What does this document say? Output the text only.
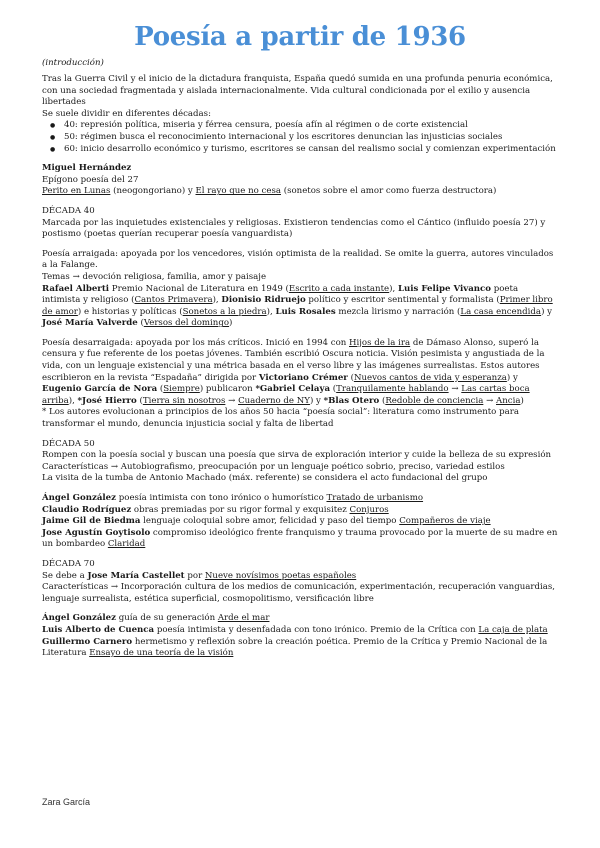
Poesía a partir de 1936

(introducción)

Tras la Guerra Civil y el inicio de la dictadura franquista, España quedó sumida en una profunda penuria económica, con una sociedad fragmentada y aislada internacionalmente. Vida cultural condicionada por el exilio y ausencia libertades

Se suele dividir en diferentes décadas:

● 40: represión política, miseria y férrea censura, poesía afín al régimen o de corte existencial
● 50: régimen busca el reconocimiento internacional y los escritores denuncian las injusticias sociales
● 60: inicio desarrollo económico y turismo, escritores se cansan del realismo social y comienzan experimentación

Miguel Hernández

Epígono poesía del 27

Perito en Lunas (neogongoriano) y El rayo que no cesa (sonetos sobre el amor como fuerza destructora)

DÉCADA 40

Marcada por las inquietudes existenciales y religiosas. Existieron tendencias como el Cántico (influido poesía 27) y postismo (poetas querían recuperar poesía vanguardista)

Poesía arraigada: apoyada por los vencedores, visión optimista de la realidad. Se omite la guerra, autores vinculados a la Falange.

Temas → devoción religiosa, familia, amor y paisaje

Rafael Alberti Premio Nacional de Literatura en 1949 (Escrito a cada instante), Luis Felipe Vivanco poeta intimista y religioso (Cantos Primavera), Dionisio Ridruejo político y escritor sentimental y formalista (Primer libro de amor) e historias y políticas (Sonetos a la piedra), Luis Rosales mezcla lirismo y narración (La casa encendida) y José María Valverde (Versos del domingo)

Poesía desarraigada: apoyada por los más críticos. Inició en 1994 con Hijos de la ira de Dámaso Alonso, superó la censura y fue referente de los poetas jóvenes. También escribió Oscura noticia. Visión pesimista y angustiada de la vida, con un lenguaje existencial y una métrica basada en el verso libre y las imágenes surrealistas. Estos autores escribieron en la revista “Espadaña” dirigida por Victoriano Crémer (Nuevos cantos de vida y esperanza) y Eugenio García de Nora (Siempre) publicaron *Gabriel Celaya (Tranquilamente hablando → Las cartas boca arriba), *José Hierro (Tierra sin nosotros → Cuaderno de NY) y *Blas Otero (Redoble de conciencia → Ancia)

* Los autores evolucionan a principios de los años 50 hacia “poesía social”: literatura como instrumento para transformar el mundo, denuncia injusticia social y falta de libertad

DÉCADA 50

Rompen con la poesía social y buscan una poesía que sirva de exploración interior y cuide la belleza de su expresión

Características → Autobiografismo, preocupación por un lenguaje poético sobrio, preciso, variedad estilos

La visita de la tumba de Antonio Machado (máx. referente) se considera el acto fundacional del grupo

Ángel González poesía intimista con tono irónico o humorístico Tratado de urbanismo

Claudio Rodríguez obras premiadas por su rigor formal y exquisitez Conjuros

Jaime Gil de Biedma lenguaje coloquial sobre amor, felicidad y paso del tiempo Compañeros de viaje

Jose Agustín Goytisolo compromiso ideológico frente franquismo y trauma provocado por la muerte de su madre en un bombardeo Claridad

DÉCADA 70

Se debe a Jose María Castellet por Nueve novísimos poetas españoles

Características → Incorporación cultura de los medios de comunicación, experimentación, recuperación vanguardias, lenguaje surrealista, estética superficial, cosmopolitismo, versificación libre

Ángel González guía de su generación Arde el mar

Luis Alberto de Cuenca poesía intimista y desenfadada con tono irónico. Premio de la Crítica con La caja de plata

Guillermo Carnero hermetismo y reflexión sobre la creación poética. Premio de la Crítica y Premio Nacional de la Literatura Ensayo de una teoría de la visión

Zara García
